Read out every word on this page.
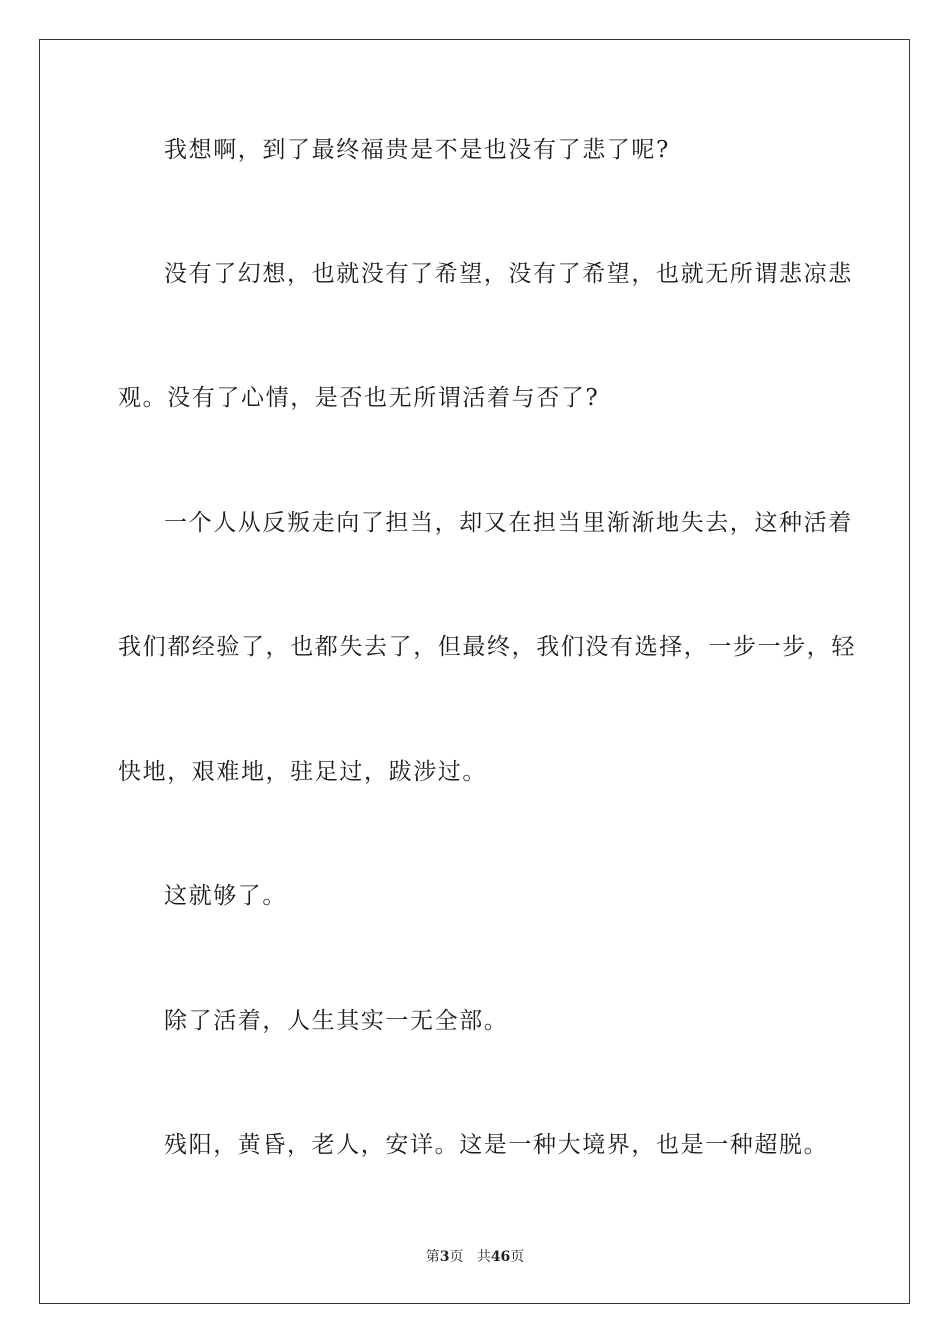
我想啊，到了最终福贵是不是也没有了悲了呢?
没有了幻想，也就没有了希望，没有了希望，也就无所谓悲凉悲
观。没有了心情，是否也无所谓活着与否了?
一个人从反叛走向了担当，却又在担当里渐渐地失去，这种活着
我们都经验了，也都失去了，但最终，我们没有选择，一步一步，轻
快地，艰难地，驻足过，跋涉过。
这就够了。
除了活着，人生其实一无全部。
残阳，黄昏，老人，安详。这是一种大境界，也是一种超脱。
第3页 共46页
